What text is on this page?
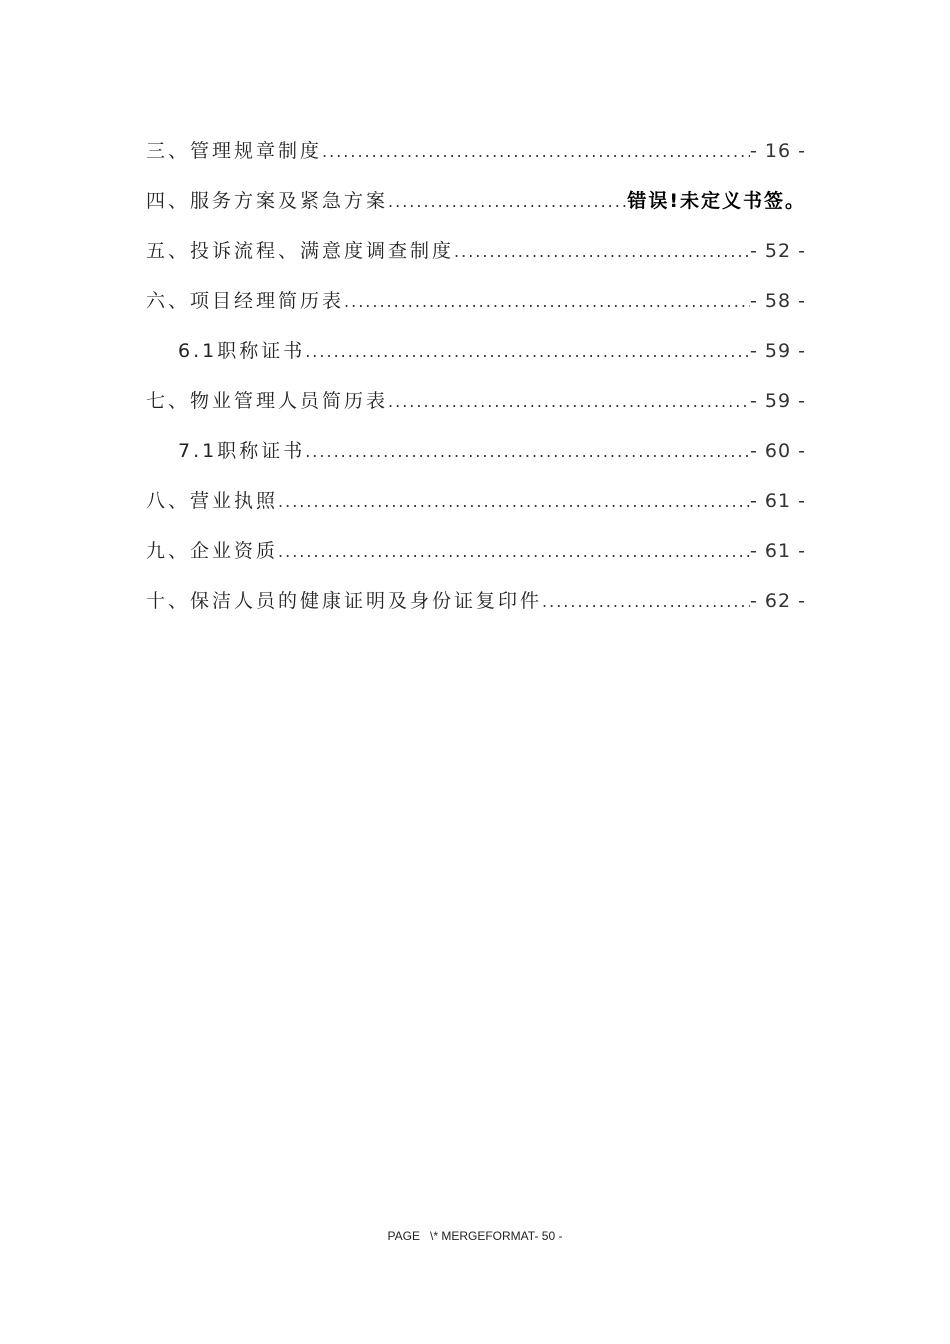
三、管理规章制度 .....	- 16 -
四、服务方案及紧急方案 .....	错误!未定义书签。
五、投诉流程、满意度调查制度 .....	- 52 -
六、项目经理简历表 .....	- 58 -
6.1职称证书 .....	- 59 -
七、物业管理人员简历表 .....	- 59 -
7.1职称证书 .....	- 60 -
八、营业执照 .....	- 61 -
九、企业资质 .....	- 61 -
十、保洁人员的健康证明及身份证复印件 .....	- 62 -
PAGE   \* MERGEFORMAT- 50 -
